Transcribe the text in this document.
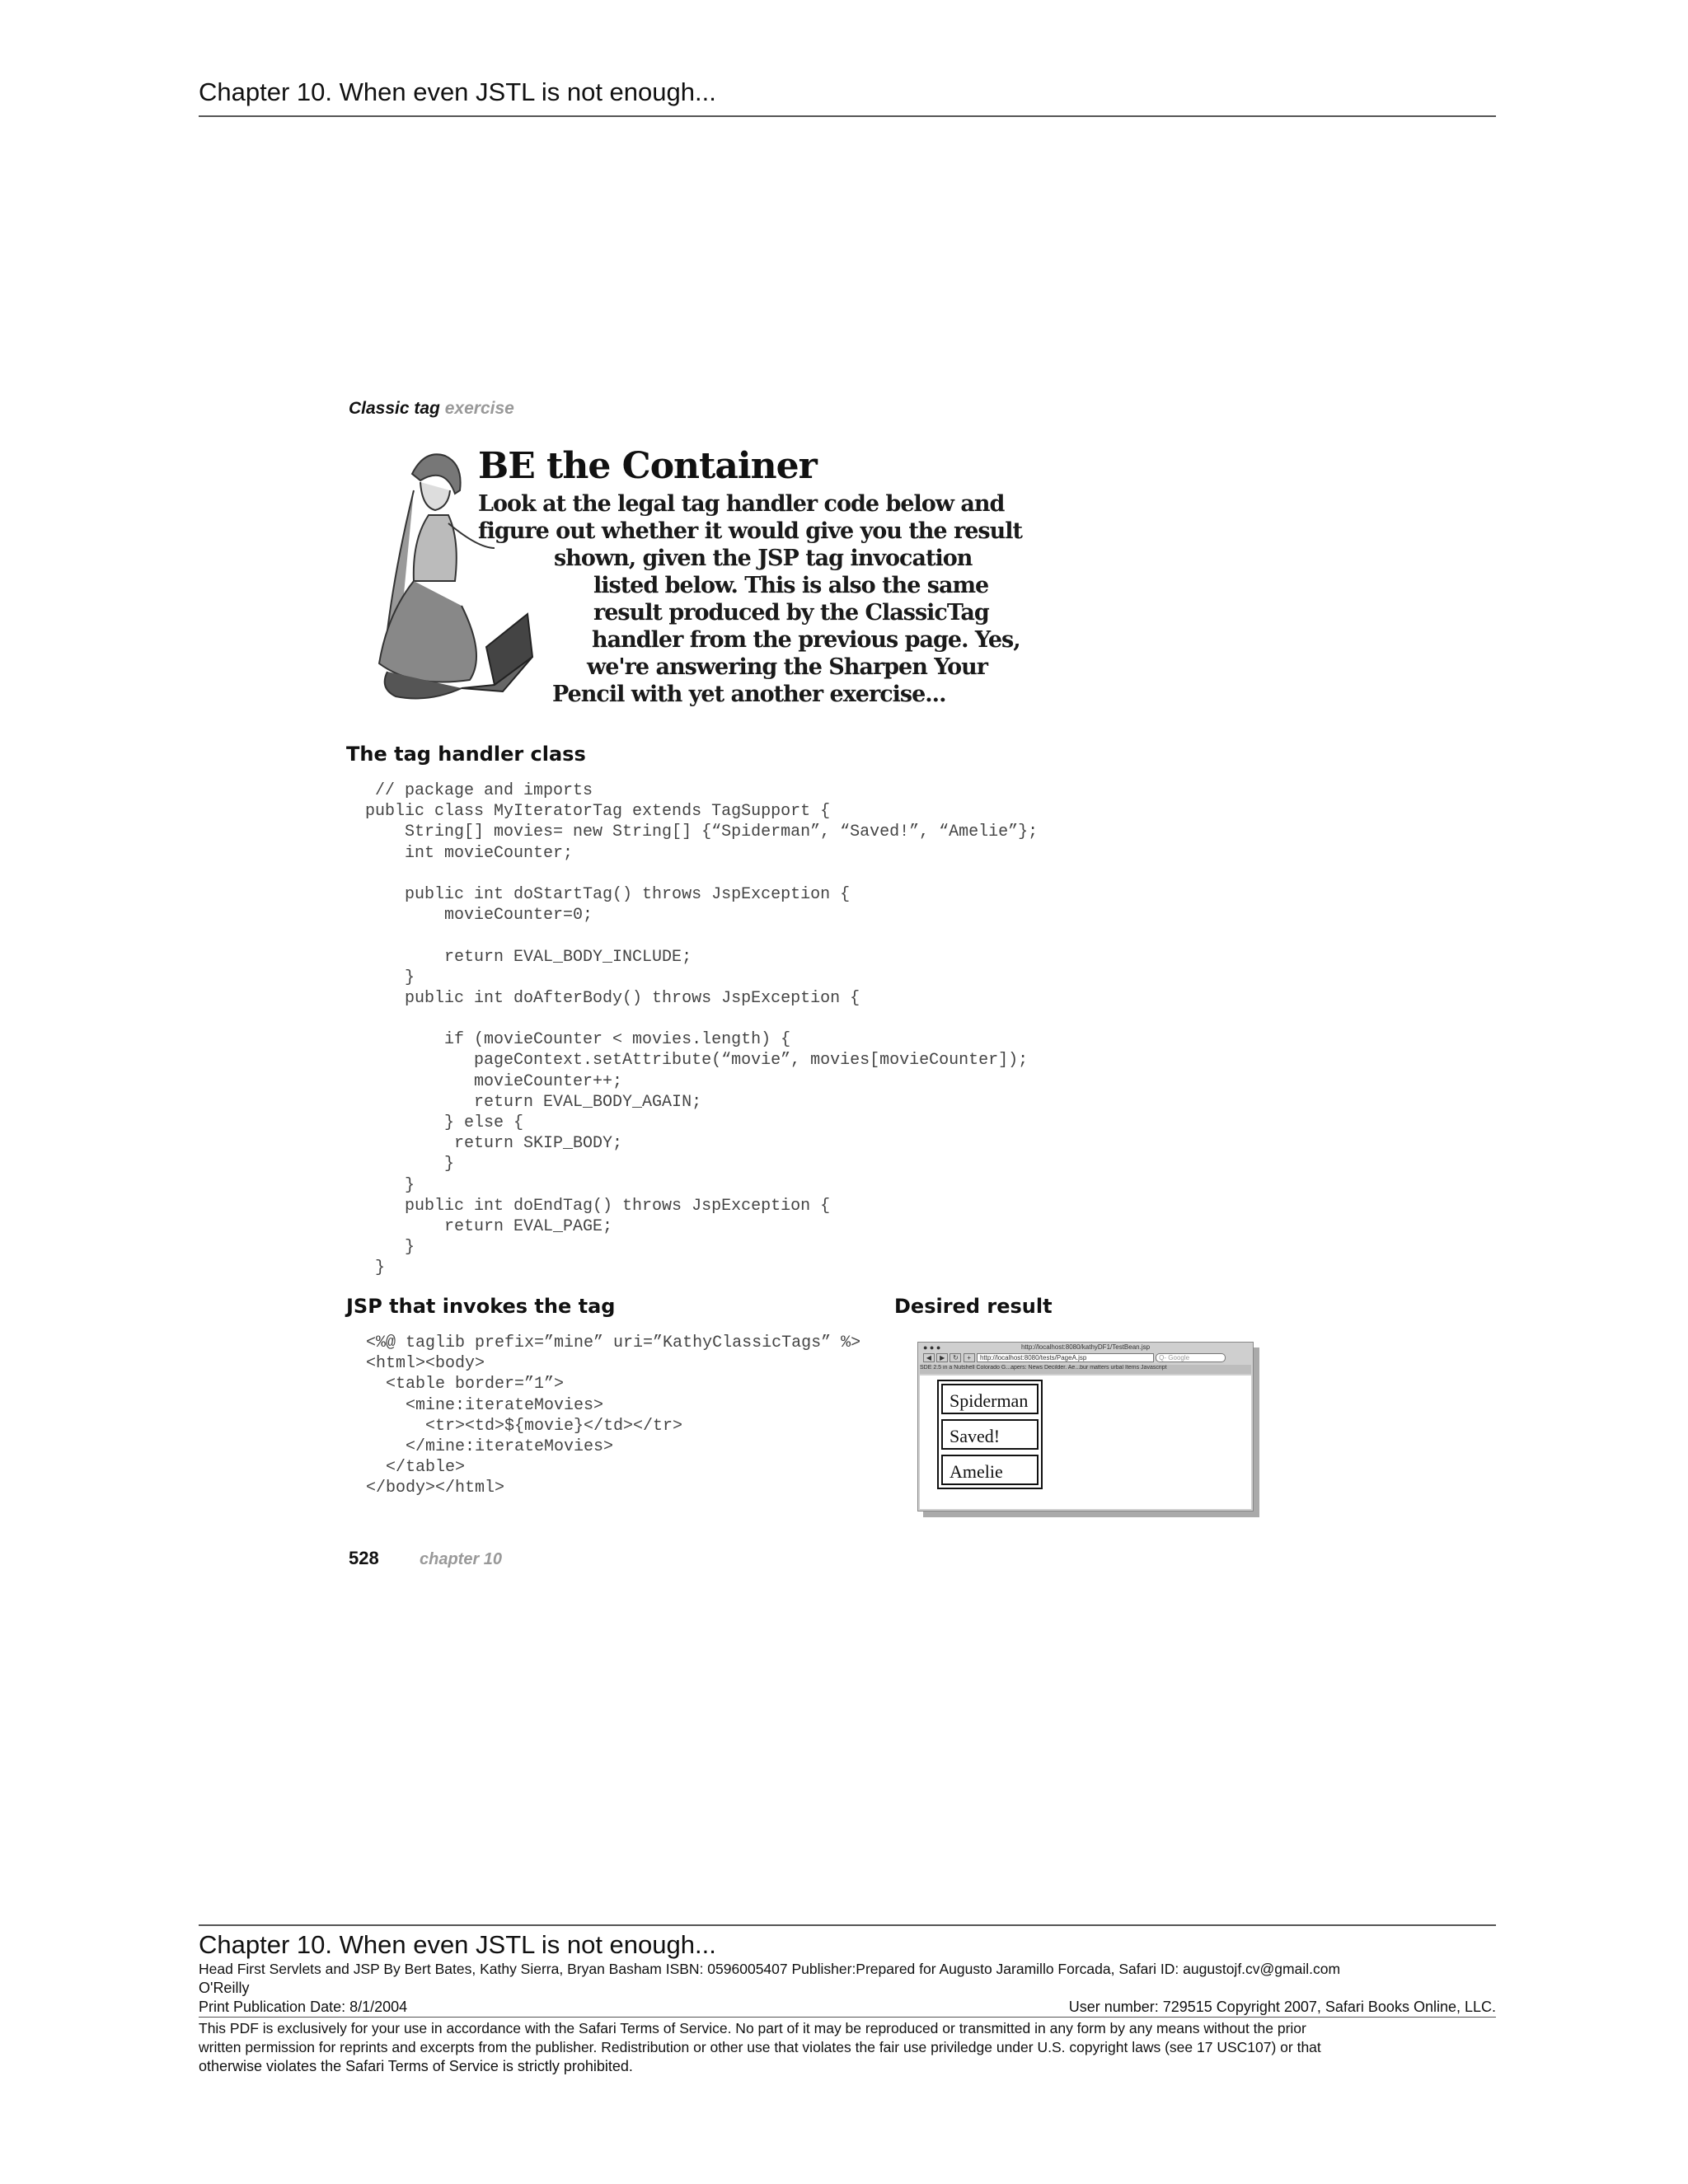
Chapter 10. When even JSTL is not enough...
Classic tag exercise
BE the Container
Look at the legal tag handler code below and
figure out whether it would give you the result
shown, given the JSP tag invocation
listed below. This is also the same
result produced by the ClassicTag
handler from the previous page. Yes,
we're answering the Sharpen Your
Pencil with yet another exercise...
The tag handler class
// package and imports
public class MyIteratorTag extends TagSupport {
String[] movies= new String[] {“Spiderman”, “Saved!”, “Amelie”};
int movieCounter;
public int doStartTag() throws JspException {
movieCounter=0;
return EVAL_BODY_INCLUDE;
}
public int doAfterBody() throws JspException {
if (movieCounter < movies.length) {
pageContext.setAttribute(“movie”, movies[movieCounter]);
movieCounter++;
return EVAL_BODY_AGAIN;
} else {
return SKIP_BODY;
}
}
public int doEndTag() throws JspException {
return EVAL_PAGE;
}
}
JSP that invokes the tag
<%@ taglib prefix=”mine” uri=”KathyClassicTags” %>
<html><body>
<table border=”1”>
<mine:iterateMovies>
<tr><td>${movie}</td></tr>
</mine:iterateMovies>
</table>
</body></html>
Desired result
● ● ●	http://localhost:8080/kathyDF1/TestBean.jsp
◀ ▶ ↻ + http://localhost:8080/tests/PageA.jsp	Q- Google
SDE 2.5 in a Nutshell Colorado G...apers: News Decilder. Ae...bur matters urbal Items Javascript
Spiderman
Saved!
Amelie
528 chapter 10
Chapter 10. When even JSTL is not enough...
Head First Servlets and JSP By Bert Bates, Kathy Sierra, Bryan Basham ISBN: 0596005407 Publisher:Prepared for Augusto Jaramillo Forcada, Safari ID: augustojf.cv@gmail.com
O'Reilly
Print Publication Date: 8/1/2004	User number: 729515 Copyright 2007, Safari Books Online, LLC.
This PDF is exclusively for your use in accordance with the Safari Terms of Service. No part of it may be reproduced or transmitted in any form by any means without the prior
written permission for reprints and excerpts from the publisher. Redistribution or other use that violates the fair use priviledge under U.S. copyright laws (see 17 USC107) or that
otherwise violates the Safari Terms of Service is strictly prohibited.
